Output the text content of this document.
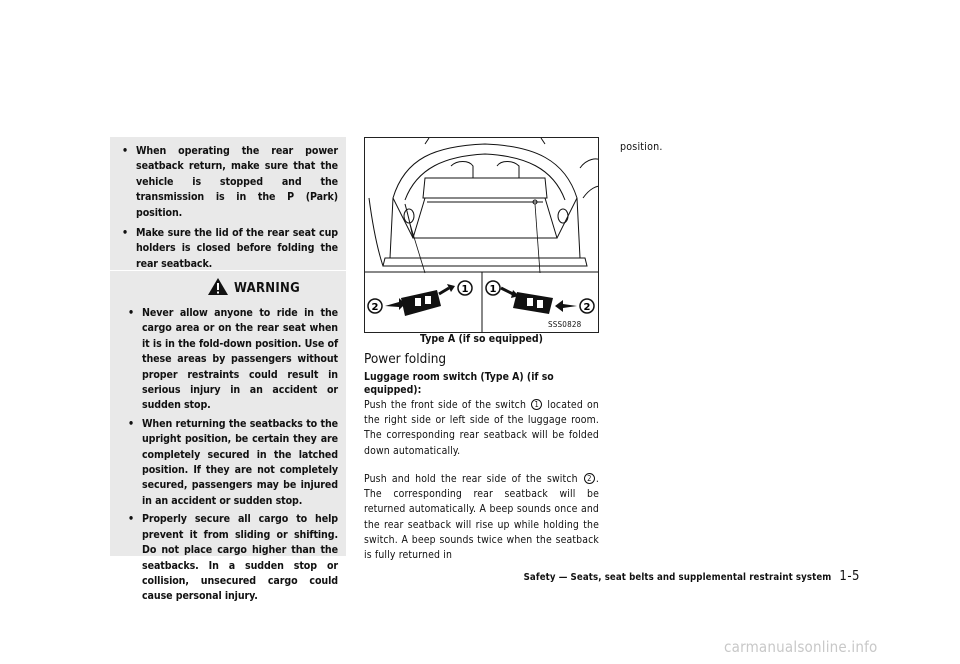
• When operating the rear power seatback return, make sure that the vehicle is stopped and the transmission is in the P (Park) position.
• Make sure the lid of the rear seat cup holders is closed before folding the rear seatback.
WARNING
• Never allow anyone to ride in the cargo area or on the rear seat when it is in the fold-down position. Use of these areas by passengers without proper restraints could result in serious injury in an accident or sudden stop.
• When returning the seatbacks to the upright position, be certain they are completely secured in the latched position. If they are not completely secured, passengers may be injured in an accident or sudden stop.
• Properly secure all cargo to help prevent it from sliding or shifting. Do not place cargo higher than the seatbacks. In a sudden stop or collision, unsecured cargo could cause personal injury.
2
1 1
2
SSS0828
Type A (if so equipped)
Power folding
Luggage room switch (Type A) (if so equipped):
Push the front side of the switch 1 located on the right side or left side of the luggage room. The corresponding rear seatback will be folded down automatically.
Push and hold the rear side of the switch 2 . The corresponding rear seatback will be returned automatically. A beep sounds once and the rear seatback will rise up while holding the switch. A beep sounds twice when the seatback is fully returned in
position.
Safety — Seats, seat belts and supplemental restraint system 1-5
carmanualsonline.info
